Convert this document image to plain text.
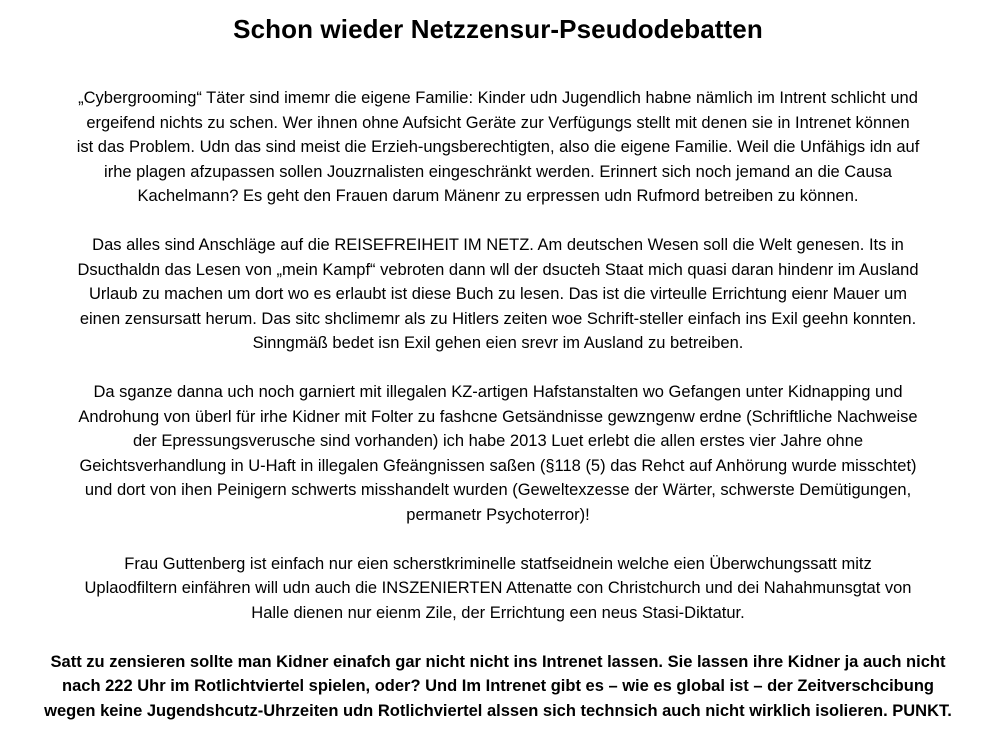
Schon wieder Netzzensur-Pseudodebatten
„Cybergrooming“ Täter sind imemr die eigene Familie: Kinder udn Jugendlich habne nämlich im Intrent schlicht und
ergeifend nichts zu schen. Wer ihnen ohne Aufsicht Geräte zur Verfügungs stellt mit denen sie in Intrenet können
ist das Problem. Udn das sind meist die Erzieh-ungsberechtigten, also die eigene Familie. Weil die Unfähigs idn auf
irhe plagen afzupassen sollen Jouzrnalisten eingeschränkt werden. Erinnert sich noch jemand an die Causa
Kachelmann? Es geht den Frauen darum Mänenr zu erpressen udn Rufmord betreiben zu können.
Das alles sind Anschläge auf die REISEFREIHEIT IM NETZ. Am deutschen Wesen soll die Welt genesen. Its in
Dsucthaldn das Lesen von „mein Kampf“ vebroten dann wll der dsucteh Staat mich quasi daran hindenr im Ausland
Urlaub zu machen um dort wo es erlaubt ist diese Buch zu lesen. Das ist die virteulle Errichtung eienr Mauer um
einen zensursatt herum. Das sitc shclimemr als zu Hitlers zeiten woe Schrift-steller einfach ins Exil geehn konnten.
Sinngmäß bedet isn Exil gehen eien srevr im Ausland zu betreiben.
Da sganze danna uch noch garniert mit illegalen KZ-artigen Hafstanstalten wo Gefangen unter Kidnapping und
Androhung von überl für irhe Kidner mit Folter zu fashcne Getsändnisse gewzngenw erdne (Schriftliche Nachweise
der Epressungsverusche sind vorhanden) ich habe 2013 Luet erlebt die allen erstes vier Jahre ohne
Geichtsverhandlung in U-Haft in illegalen Gfeängnissen saßen (§118 (5) das Rehct auf Anhörung wurde misschtet)
und dort von ihen Peinigern schwerts misshandelt wurden (Geweltexzesse der Wärter, schwerste Demütigungen,
permanetr Psychoterror)!
Frau Guttenberg ist einfach nur eien scherstkriminelle statfseidnein welche eien Überwchungssatt mitz
Uplaodfiltern einfähren will udn auch die INSZENIERTEN Attenatte con Christchurch und dei Nahahmunsgtat von
Halle dienen nur eienm Zile, der Errichtung een neus Stasi-Diktatur.
Satt zu zensieren sollte man Kidner einafch gar nicht nicht ins Intrenet lassen. Sie lassen ihre Kidner ja auch nicht
nach 222 Uhr im Rotlichtviertel spielen, oder? Und Im Intrenet gibt es – wie es global ist – der Zeitverschcibung
wegen keine Jugendshcutz-Uhrzeiten udn Rotlichviertel alssen sich technsich auch nicht wirklich isolieren. PUNKT.
